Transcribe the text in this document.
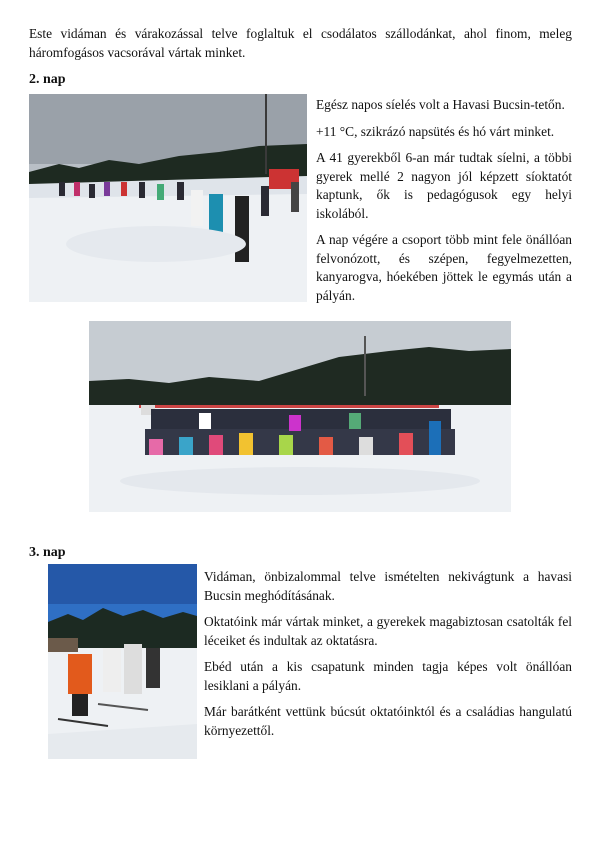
Este vidáman és várakozással telve foglaltuk el csodálatos szállodánkat, ahol finom, meleg háromfogásos vacsorával vártak minket.

2. nap

Egész napos síelés volt a Havasi Bucsin-tetőn.

+11 °C, szikrázó napsütés és hó várt minket.

A 41 gyerekből 6-an már tudtak síelni, a többi gyerek mellé 2 nagyon jól képzett síoktatót kaptunk, ők is pedagógusok egy helyi iskolából.

A nap végére a csoport több mint fele önállóan felvonózott, és szépen, fegyelmezetten, kanyarogva, hóekében jöttek le egymás után a pályán.

3. nap

Vidáman, önbizalommal telve ismételten nekivágtunk a havasi Bucsin meghódításának.

Oktatóink már vártak minket, a gyerekek magabiztosan csatolták fel léceiket és indultak az oktatásra.

Ebéd után a kis csapatunk minden tagja képes volt önállóan lesiklani a pályán.

Már barátként vettünk búcsút oktatóinktól és a családias hangulatú környezettől.
